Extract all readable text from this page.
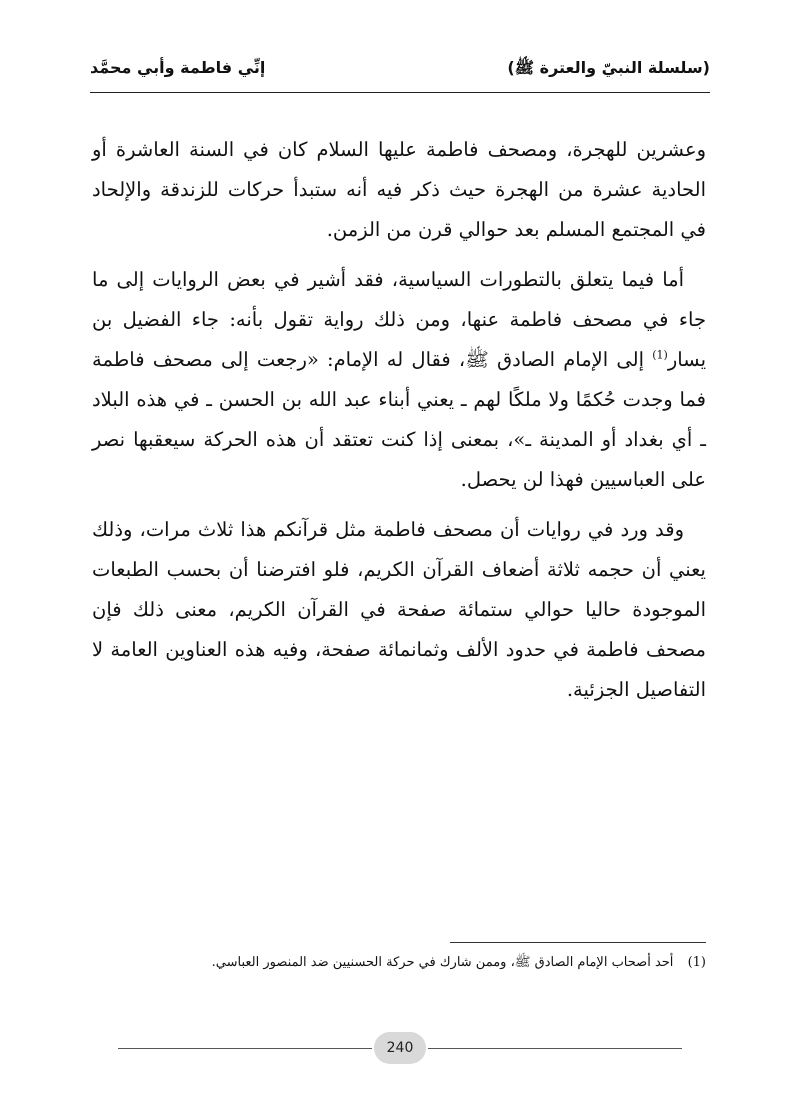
(سلسلة النبيّ والعترة ﷺ)
إنِّي فاطمة وأبي محمَّد

وعشرين للهجرة، ومصحف فاطمة عليها السلام كان في السنة العاشرة أو الحادية عشرة من الهجرة حيث ذكر فيه أنه ستبدأ حركات للزندقة والإلحاد في المجتمع المسلم بعد حوالي قرن من الزمن.

أما فيما يتعلق بالتطورات السياسية، فقد أشير في بعض الروايات إلى ما جاء في مصحف فاطمة عنها، ومن ذلك رواية تقول بأنه: جاء الفضيل بن يسار$^{(1)}$ إلى الإمام الصادق ﷺ، فقال له الإمام: «رجعت إلى مصحف فاطمة فما وجدت حُكمًا ولا ملكًا لهم ـ يعني أبناء عبد الله بن الحسن ـ في هذه البلاد ـ أي بغداد أو المدينة ـ»، بمعنى إذا كنت تعتقد أن هذه الحركة سيعقبها نصر على العباسيين فهذا لن يحصل.

وقد ورد في روايات أن مصحف فاطمة مثل قرآنكم هذا ثلاث مرات، وذلك يعني أن حجمه ثلاثة أضعاف القرآن الكريم، فلو افترضنا أن بحسب الطبعات الموجودة حاليا حوالي ستمائة صفحة في القرآن الكريم، معنى ذلك فإن مصحف فاطمة في حدود الألف وثمانمائة صفحة، وفيه هذه العناوين العامة لا التفاصيل الجزئية.

(1) أحد أصحاب الإمام الصادق ﷺ، وممن شارك في حركة الحسنيين ضد المنصور العباسي.
240
